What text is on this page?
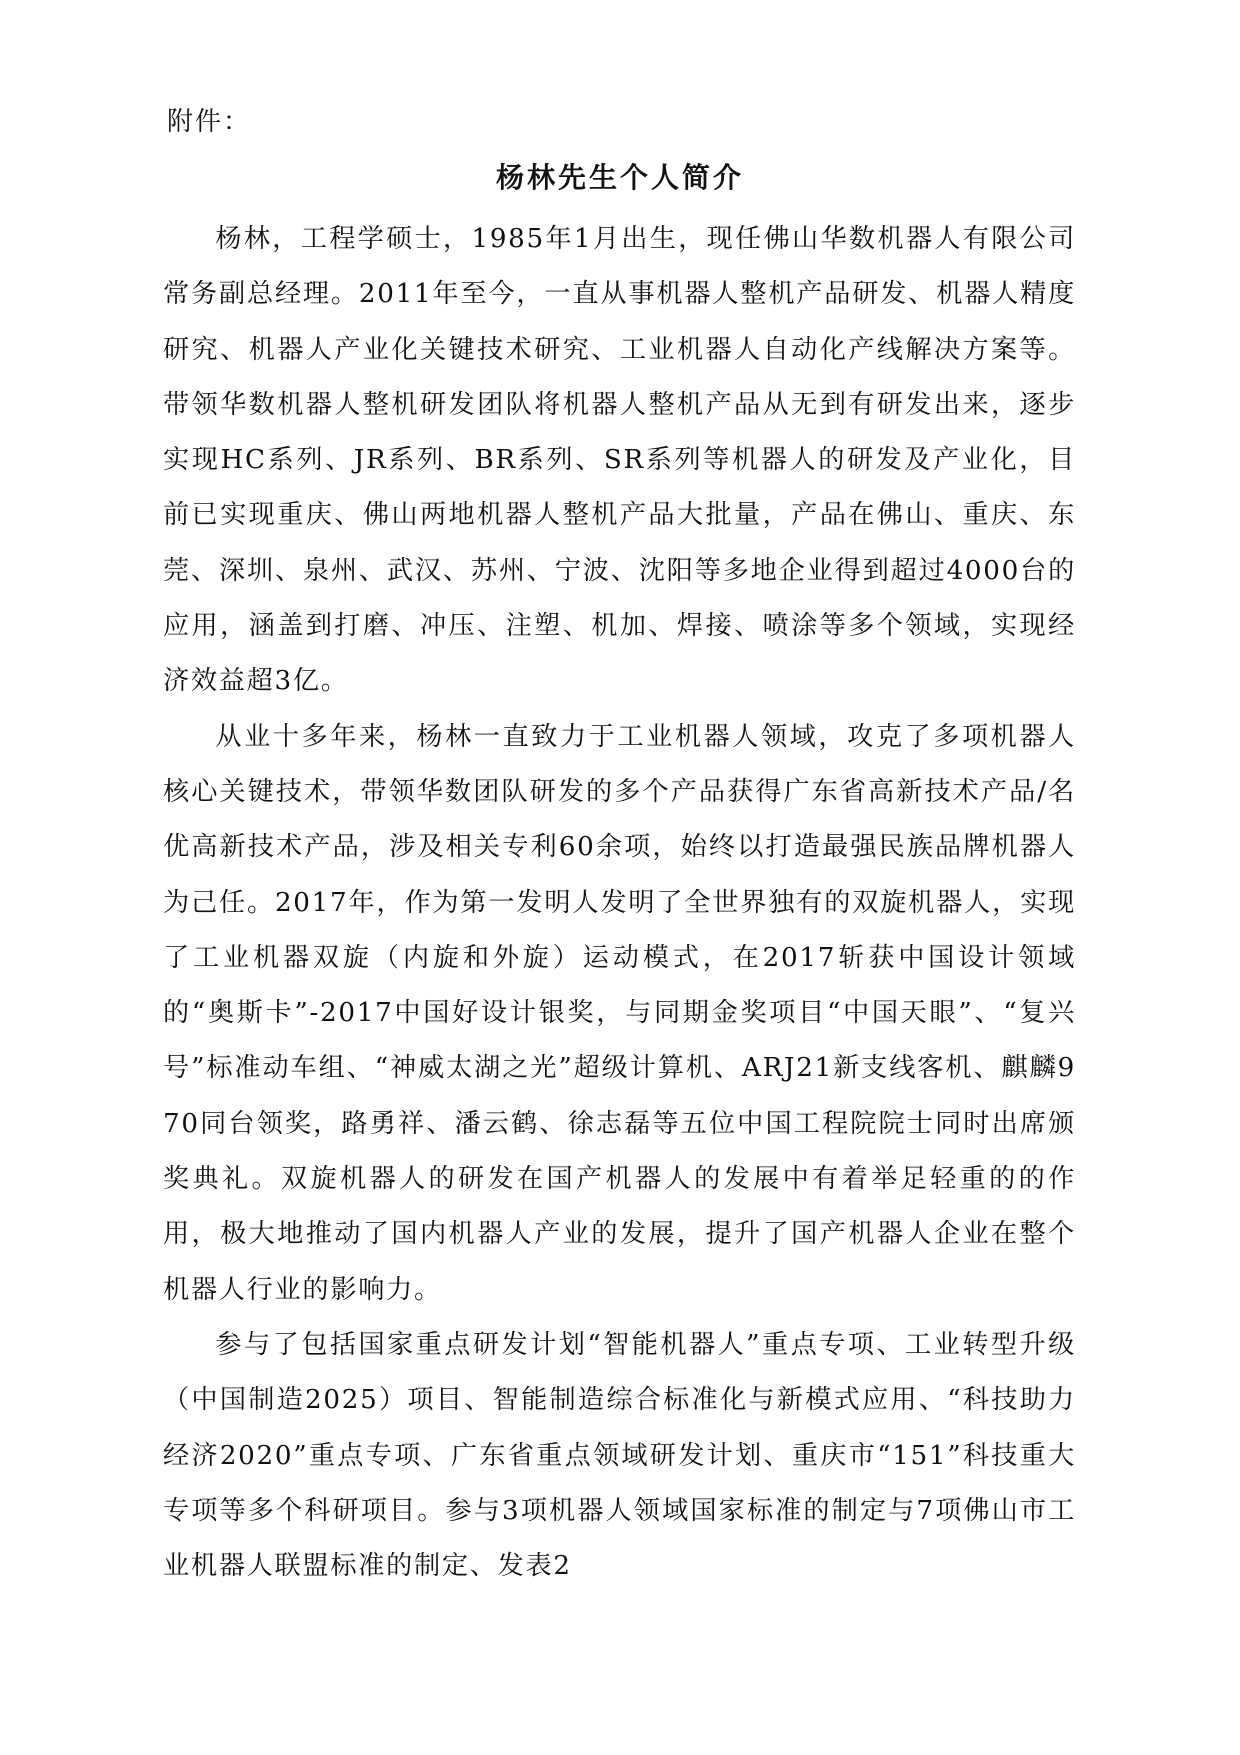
附件：
杨林先生个人简介

杨林，工程学硕士，1985年1月出生，现任佛山华数机器人有限公司常务副总经理。2011年至今，一直从事机器人整机产品研发、机器人精度研究、机器人产业化关键技术研究、工业机器人自动化产线解决方案等。带领华数机器人整机研发团队将机器人整机产品从无到有研发出来，逐步实现HC系列、JR系列、BR系列、SR系列等机器人的研发及产业化，目前已实现重庆、佛山两地机器人整机产品大批量，产品在佛山、重庆、东莞、深圳、泉州、武汉、苏州、宁波、沈阳等多地企业得到超过4000台的应用，涵盖到打磨、冲压、注塑、机加、焊接、喷涂等多个领域，实现经济效益超3亿。

从业十多年来，杨林一直致力于工业机器人领域，攻克了多项机器人核心关键技术，带领华数团队研发的多个产品获得广东省高新技术产品/名优高新技术产品，涉及相关专利60余项，始终以打造最强民族品牌机器人为己任。2017年，作为第一发明人发明了全世界独有的双旋机器人，实现了工业机器双旋（内旋和外旋）运动模式，在2017斩获中国设计领域的“奥斯卡”-2017中国好设计银奖，与同期金奖项目“中国天眼”、“复兴号”标准动车组、“神威太湖之光”超级计算机、ARJ21新支线客机、麒麟970同台领奖，路勇祥、潘云鹤、徐志磊等五位中国工程院院士同时出席颁奖典礼。双旋机器人的研发在国产机器人的发展中有着举足轻重的的作用，极大地推动了国内机器人产业的发展，提升了国产机器人企业在整个机器人行业的影响力。

参与了包括国家重点研发计划“智能机器人”重点专项、工业转型升级（中国制造2025）项目、智能制造综合标准化与新模式应用、“科技助力经济2020”重点专项、广东省重点领域研发计划、重庆市“151”科技重大专项等多个科研项目。参与3项机器人领域国家标准的制定与7项佛山市工业机器人联盟标准的制定、发表2
